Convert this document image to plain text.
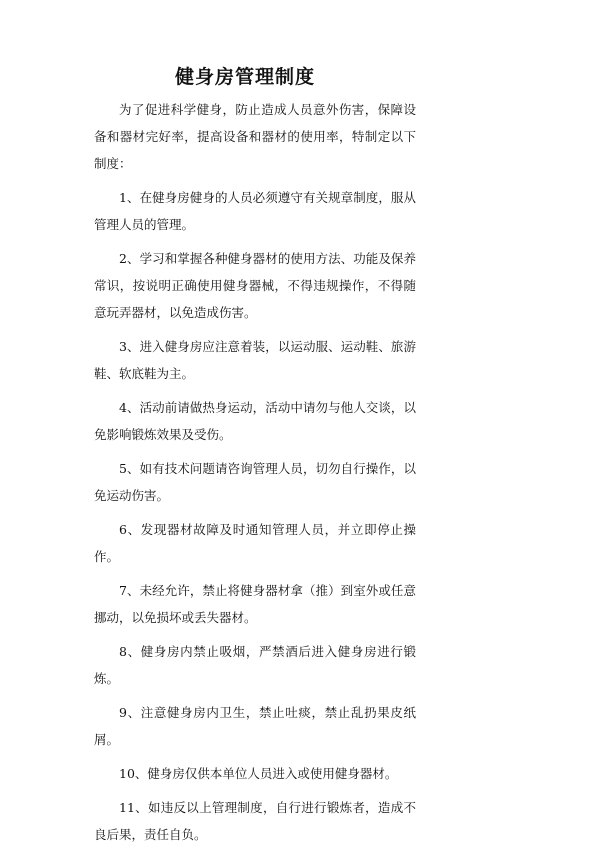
健身房管理制度

为了促进科学健身，防止造成人员意外伤害，保障设备和器材完好率，提高设备和器材的使用率，特制定以下制度：

1、在健身房健身的人员必须遵守有关规章制度，服从管理人员的管理。

2、学习和掌握各种健身器材的使用方法、功能及保养常识，按说明正确使用健身器械，不得违规操作，不得随意玩弄器材，以免造成伤害。

3、进入健身房应注意着装，以运动服、运动鞋、旅游鞋、软底鞋为主。

4、活动前请做热身运动，活动中请勿与他人交谈，以免影响锻炼效果及受伤。

5、如有技术问题请咨询管理人员，切勿自行操作，以免运动伤害。

6、发现器材故障及时通知管理人员，并立即停止操作。

7、未经允许，禁止将健身器材拿（推）到室外或任意挪动，以免损坏或丢失器材。

8、健身房内禁止吸烟，严禁酒后进入健身房进行锻炼。

9、注意健身房内卫生，禁止吐痰，禁止乱扔果皮纸屑。

10、健身房仅供本单位人员进入或使用健身器材。

11、如违反以上管理制度，自行进行锻炼者，造成不良后果，责任自负。
